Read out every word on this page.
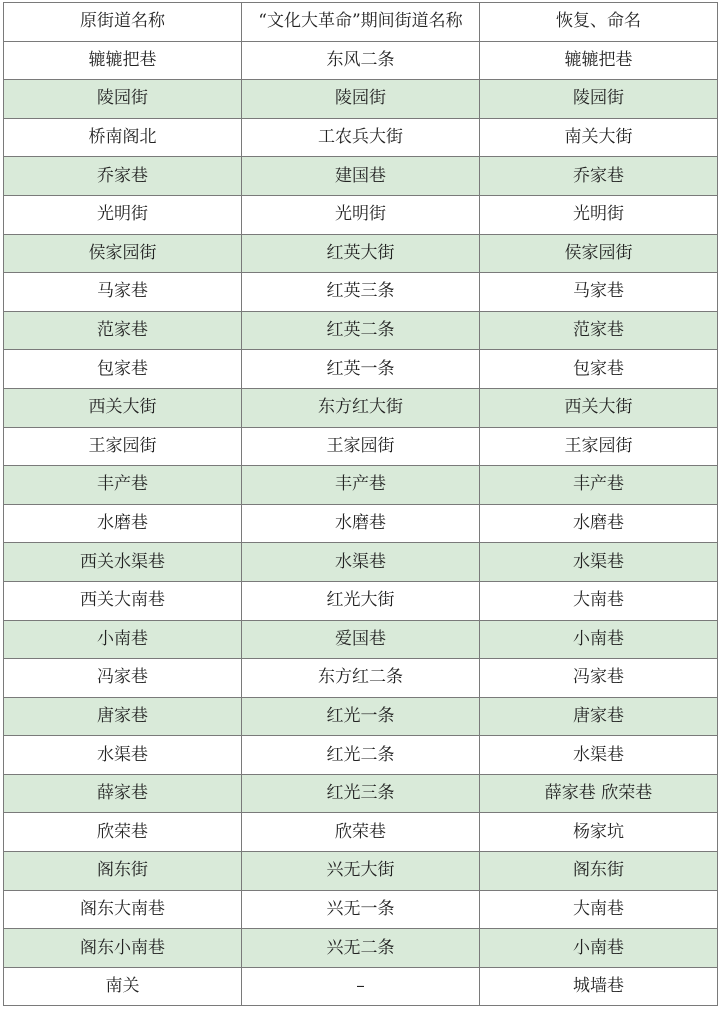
原街道名称	“文化大革命”期间街道名称	恢复、命名
辘辘把巷	东风二条	辘辘把巷
陵园街	陵园街	陵园街
桥南阁北	工农兵大街	南关大街
乔家巷	建国巷	乔家巷
光明街	光明街	光明街
侯家园街	红英大街	侯家园街
马家巷	红英三条	马家巷
范家巷	红英二条	范家巷
包家巷	红英一条	包家巷
西关大街	东方红大街	西关大街
王家园街	王家园街	王家园街
丰产巷	丰产巷	丰产巷
水磨巷	水磨巷	水磨巷
西关水渠巷	水渠巷	水渠巷
西关大南巷	红光大街	大南巷
小南巷	爱国巷	小南巷
冯家巷	东方红二条	冯家巷
唐家巷	红光一条	唐家巷
水渠巷	红光二条	水渠巷
薛家巷	红光三条	薛家巷 欣荣巷
欣荣巷	欣荣巷	杨家坑
阁东街	兴无大街	阁东街
阁东大南巷	兴无一条	大南巷
阁东小南巷	兴无二条	小南巷
南关	–	城墙巷
